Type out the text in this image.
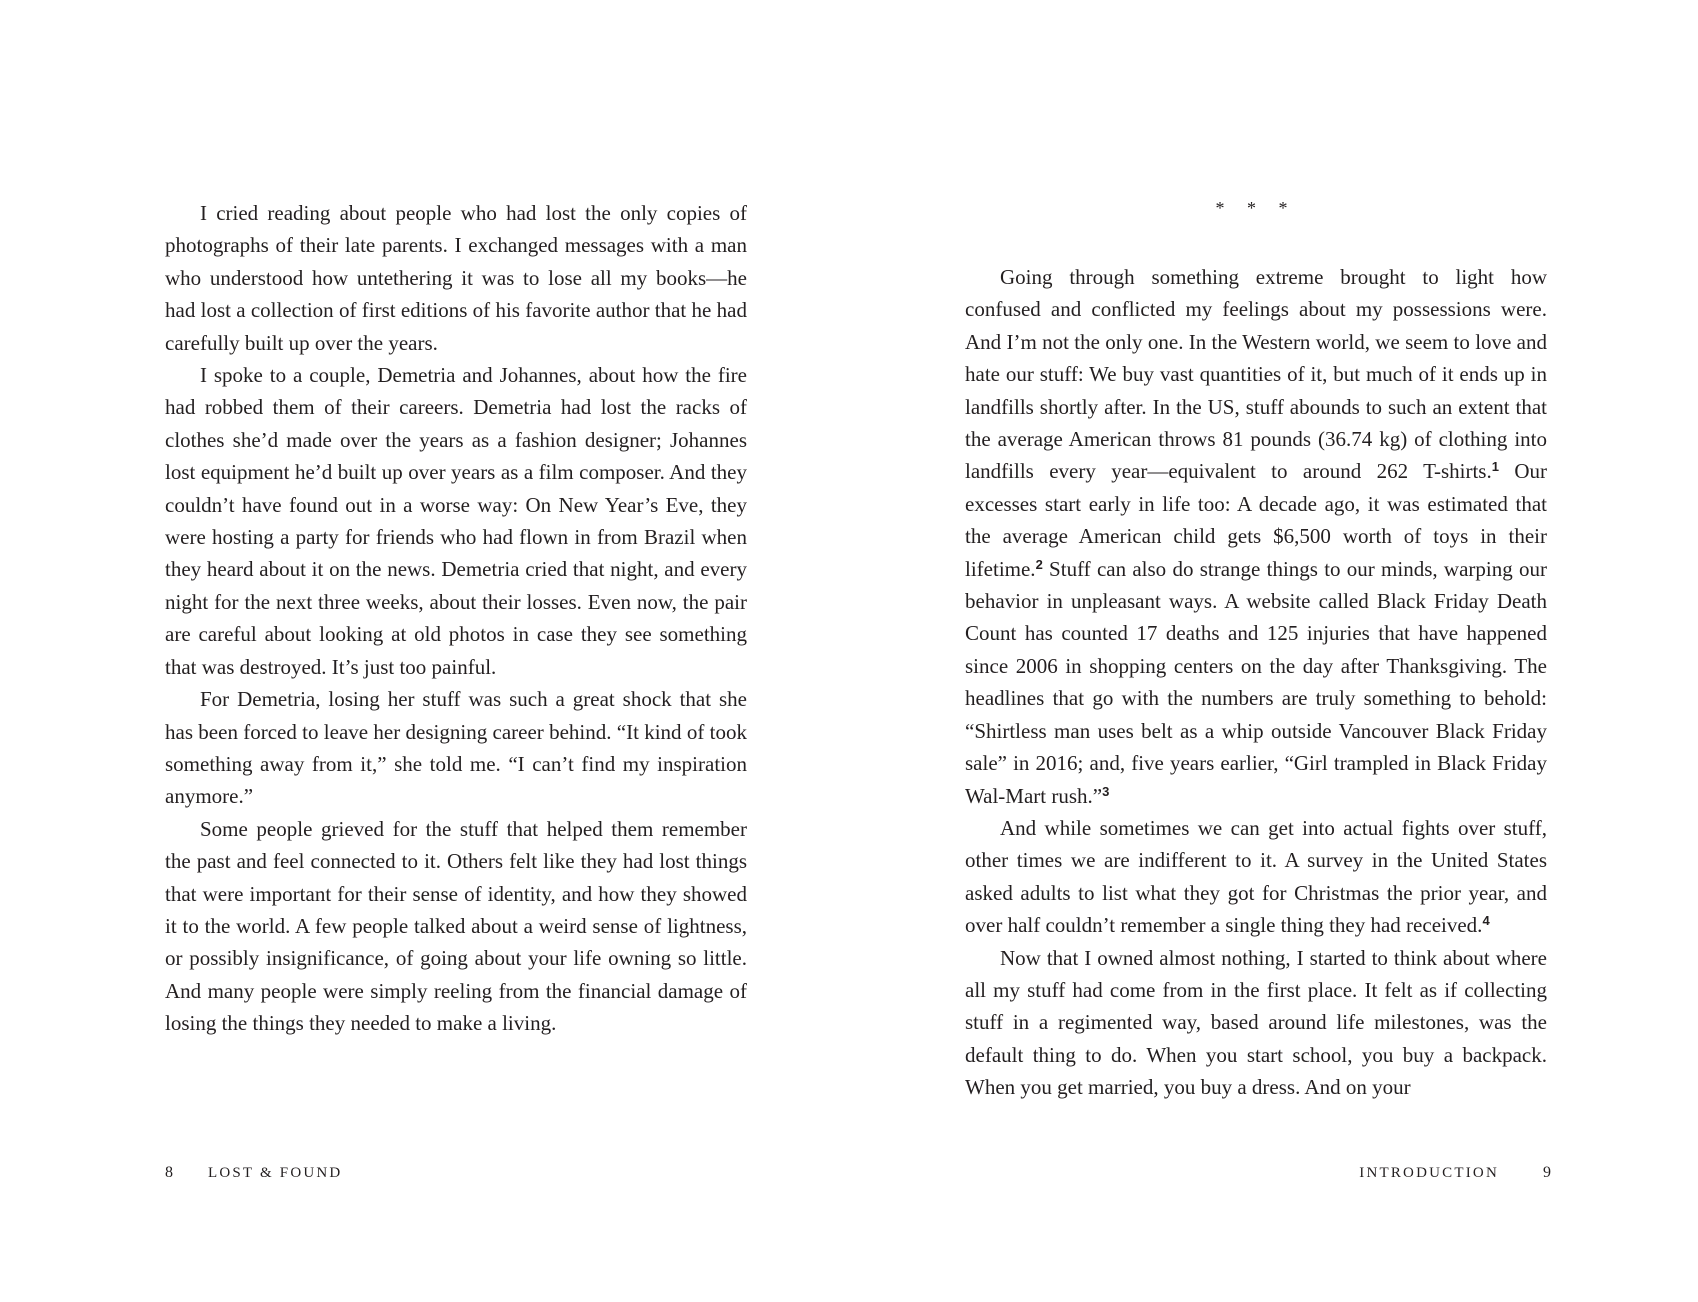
I cried reading about people who had lost the only copies of photographs of their late parents. I exchanged messages with a man who understood how untethering it was to lose all my books—he had lost a collection of first editions of his favorite author that he had carefully built up over the years.

I spoke to a couple, Demetria and Johannes, about how the fire had robbed them of their careers. Demetria had lost the racks of clothes she’d made over the years as a fashion designer; Johannes lost equipment he’d built up over years as a film composer. And they couldn’t have found out in a worse way: On New Year’s Eve, they were hosting a party for friends who had flown in from Brazil when they heard about it on the news. Demetria cried that night, and every night for the next three weeks, about their losses. Even now, the pair are careful about looking at old photos in case they see something that was destroyed. It’s just too painful.

For Demetria, losing her stuff was such a great shock that she has been forced to leave her designing career behind. “It kind of took something away from it,” she told me. “I can’t find my inspiration anymore.”

Some people grieved for the stuff that helped them remember the past and feel connected to it. Others felt like they had lost things that were important for their sense of identity, and how they showed it to the world. A few people talked about a weird sense of lightness, or possibly insignificance, of going about your life owning so little. And many people were simply reeling from the financial damage of losing the things they needed to make a living.

8 LOST & FOUND
* * *

Going through something extreme brought to light how confused and conflicted my feelings about my possessions were. And I’m not the only one. In the Western world, we seem to love and hate our stuff: We buy vast quantities of it, but much of it ends up in landfills shortly after. In the US, stuff abounds to such an extent that the average American throws 81 pounds (36.74 kg) of clothing into landfills every year—equivalent to around 262 T-shirts.$^1$ Our excesses start early in life too: A decade ago, it was estimated that the average American child gets $6,500 worth of toys in their lifetime.$^2$ Stuff can also do strange things to our minds, warping our behavior in unpleasant ways. A website called Black Friday Death Count has counted 17 deaths and 125 injuries that have happened since 2006 in shopping centers on the day after Thanksgiving. The headlines that go with the numbers are truly something to behold: “Shirtless man uses belt as a whip outside Vancouver Black Friday sale” in 2016; and, five years earlier, “Girl trampled in Black Friday Wal-Mart rush.”$^3$

And while sometimes we can get into actual fights over stuff, other times we are indifferent to it. A survey in the United States asked adults to list what they got for Christmas the prior year, and over half couldn’t remember a single thing they had received.$^4$

Now that I owned almost nothing, I started to think about where all my stuff had come from in the first place. It felt as if collecting stuff in a regimented way, based around life milestones, was the default thing to do. When you start school, you buy a backpack. When you get married, you buy a dress. And on your

INTRODUCTION	9
